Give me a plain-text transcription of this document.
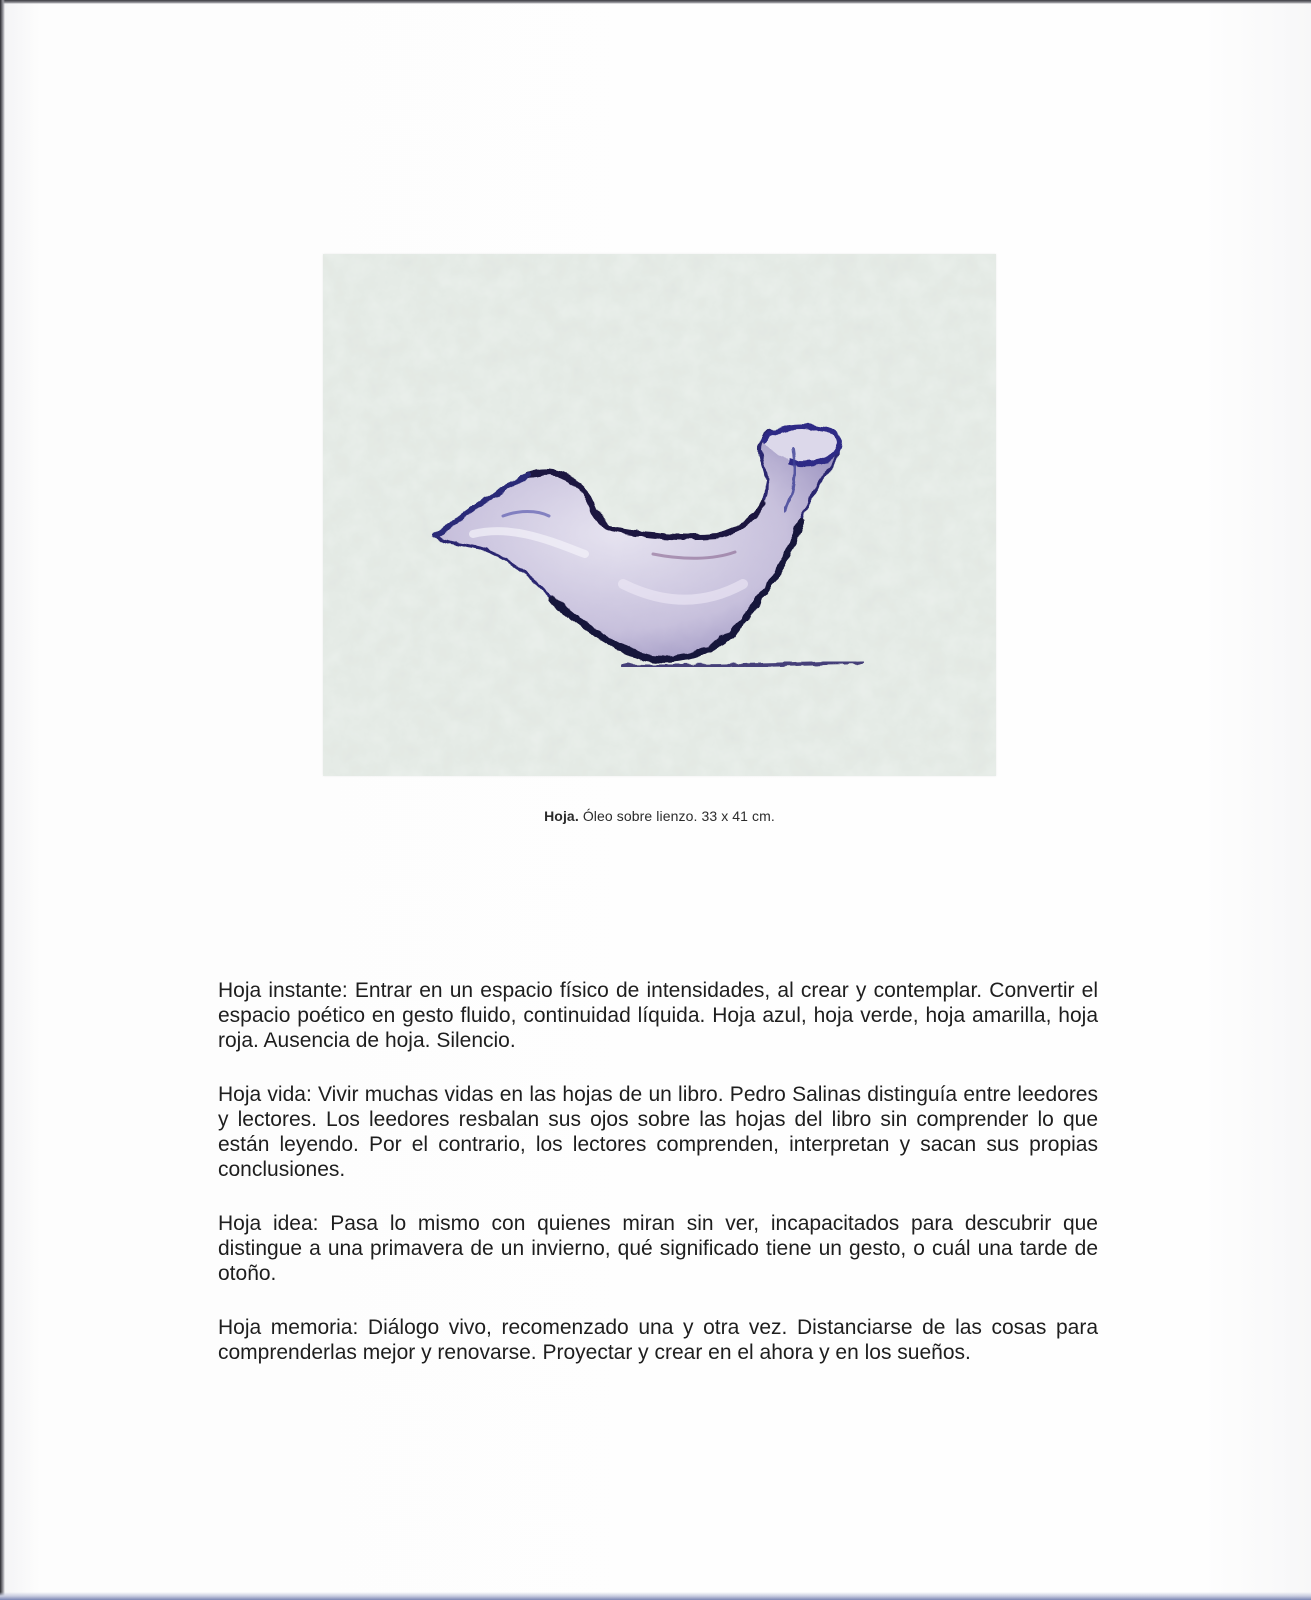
Hoja. Óleo sobre lienzo. 33 x 41 cm.

Hoja instante: Entrar en un espacio físico de intensidades, al crear y contemplar. Convertir el espacio poético en gesto fluido, continuidad líquida. Hoja azul, hoja verde, hoja amarilla, hoja roja. Ausencia de hoja. Silencio.

Hoja vida: Vivir muchas vidas en las hojas de un libro. Pedro Salinas distinguía entre leedores y lectores. Los leedores resbalan sus ojos sobre las hojas del libro sin comprender lo que están leyendo. Por el contrario, los lectores comprenden, interpretan y sacan sus propias conclusiones.

Hoja idea: Pasa lo mismo con quienes miran sin ver, incapacitados para descubrir que distingue a una primavera de un invierno, qué significado tiene un gesto, o cuál una tarde de otoño.

Hoja memoria: Diálogo vivo, recomenzado una y otra vez. Distanciarse de las cosas para comprenderlas mejor y renovarse. Proyectar y crear en el ahora y en los sueños.
